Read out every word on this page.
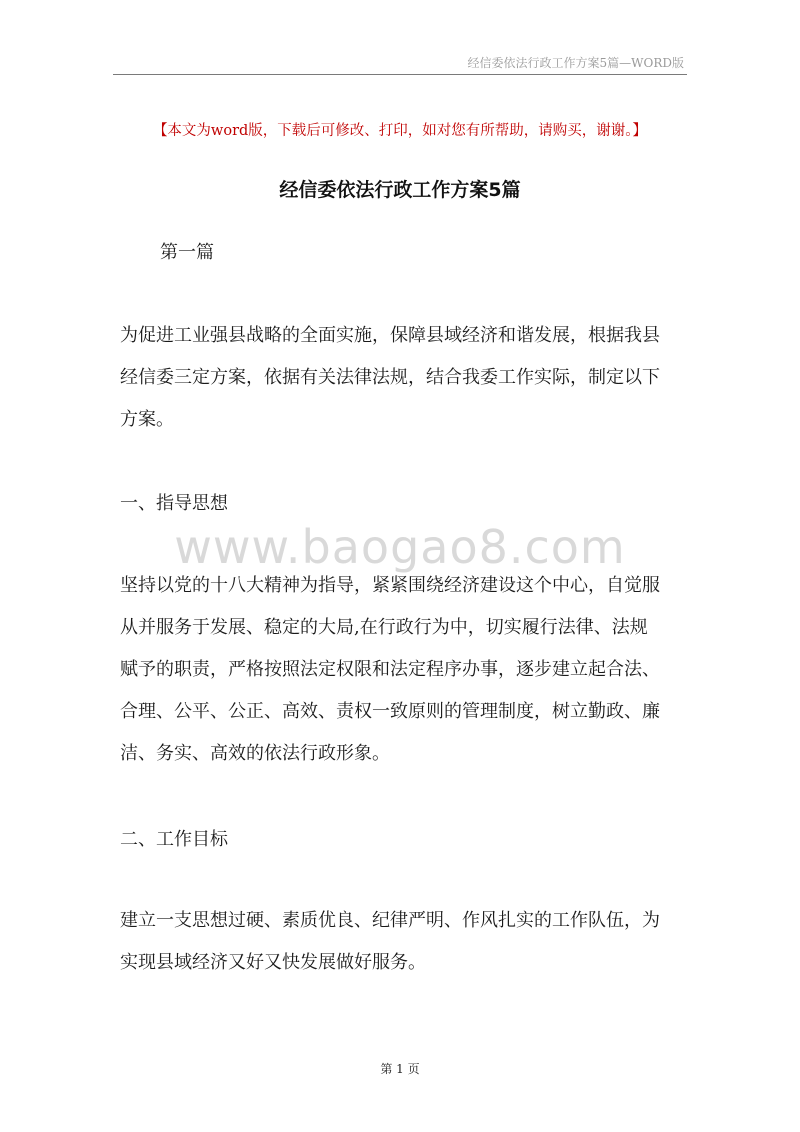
经信委依法行政工作方案5篇—WORD版
【本文为word版，下载后可修改、打印，如对您有所帮助，请购买，谢谢。】
经信委依法行政工作方案5篇
第一篇

为促进工业强县战略的全面实施，保障县域经济和谐发展，根据我县
经信委三定方案，依据有关法律法规，结合我委工作实际，制定以下
方案。

一、指导思想
www.baogao8.com

坚持以党的十八大精神为指导，紧紧围绕经济建设这个中心，自觉服
从并服务于发展、稳定的大局,在行政行为中，切实履行法律、法规
赋予的职责，严格按照法定权限和法定程序办事，逐步建立起合法、
合理、公平、公正、高效、责权一致原则的管理制度，树立勤政、廉
洁、务实、高效的依法行政形象。

二、工作目标

建立一支思想过硬、素质优良、纪律严明、作风扎实的工作队伍，为
实现县域经济又好又快发展做好服务。

第 1 页
